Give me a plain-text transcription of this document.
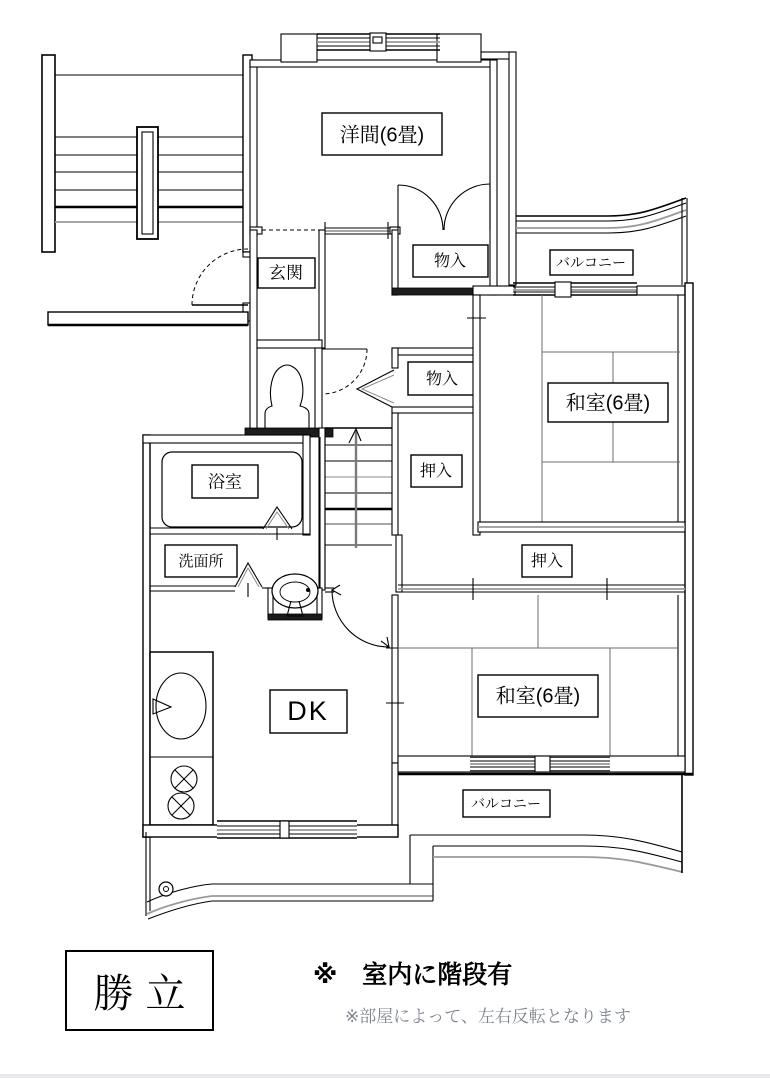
洋間(6畳)
玄関
物入
物入
押入
バルコニー
和室(6畳)
押入
浴室
洗面所
DK	和室(6畳)
バルコニー
勝立	※　室内に階段有
※部屋によって、左右反転となります
